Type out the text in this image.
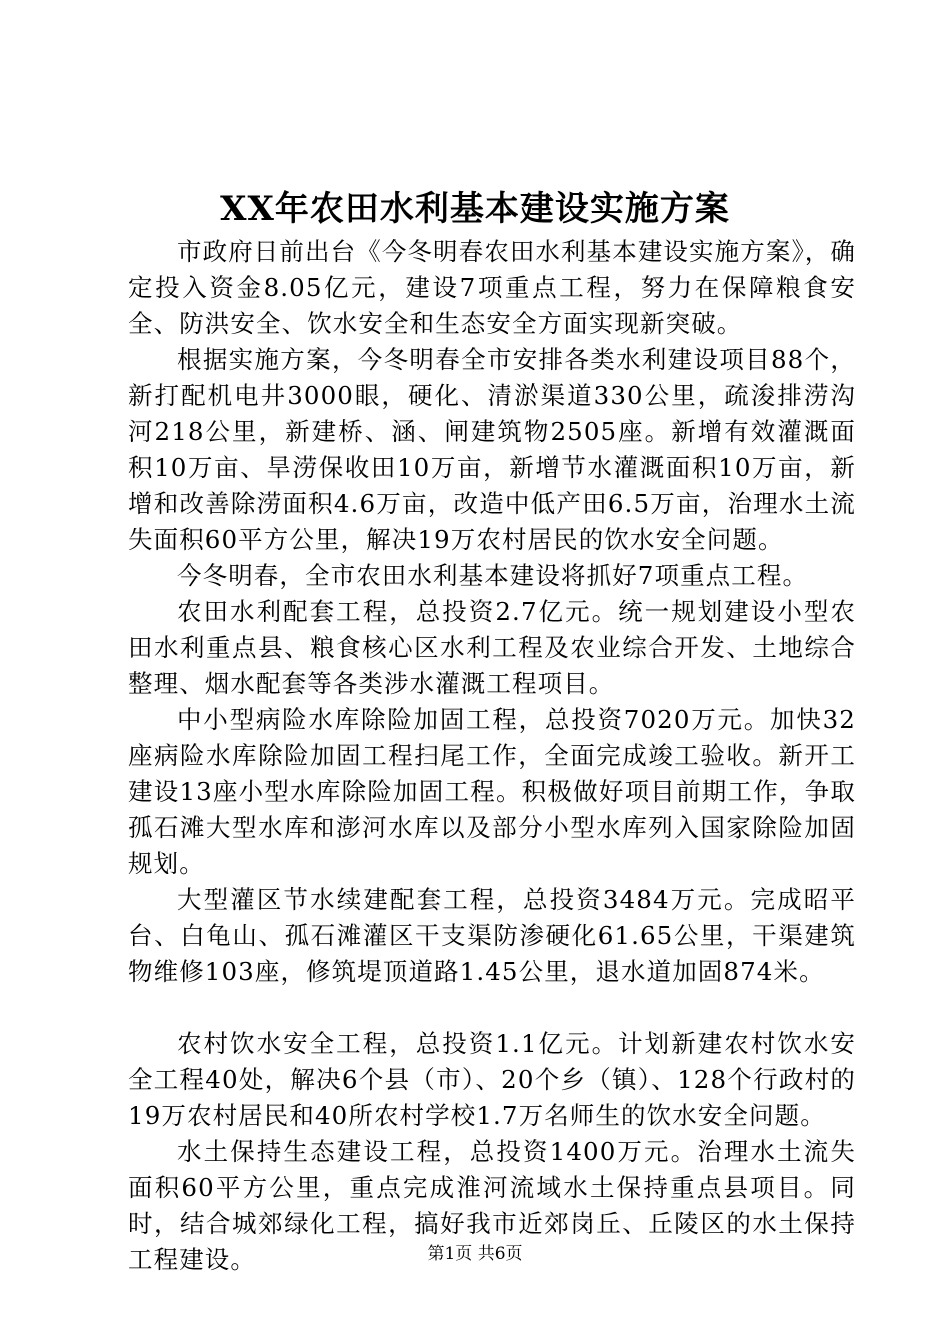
XX年农田水利基本建设实施方案

市政府日前出台《今冬明春农田水利基本建设实施方案》，确定投入资金8.05亿元，建设7项重点工程，努力在保障粮食安全、防洪安全、饮水安全和生态安全方面实现新突破。

根据实施方案，今冬明春全市安排各类水利建设项目88个，新打配机电井3000眼，硬化、清淤渠道330公里，疏浚排涝沟河218公里，新建桥、涵、闸建筑物2505座。新增有效灌溉面积10万亩、旱涝保收田10万亩，新增节水灌溉面积10万亩，新增和改善除涝面积4.6万亩，改造中低产田6.5万亩，治理水土流失面积60平方公里，解决19万农村居民的饮水安全问题。

今冬明春，全市农田水利基本建设将抓好7项重点工程。

农田水利配套工程，总投资2.7亿元。统一规划建设小型农田水利重点县、粮食核心区水利工程及农业综合开发、土地综合整理、烟水配套等各类涉水灌溉工程项目。

中小型病险水库除险加固工程，总投资7020万元。加快32座病险水库除险加固工程扫尾工作，全面完成竣工验收。新开工建设13座小型水库除险加固工程。积极做好项目前期工作，争取孤石滩大型水库和澎河水库以及部分小型水库列入国家除险加固规划。

大型灌区节水续建配套工程，总投资3484万元。完成昭平台、白龟山、孤石滩灌区干支渠防渗硬化61.65公里，干渠建筑物维修103座，修筑堤顶道路1.45公里，退水道加固874米。

农村饮水安全工程，总投资1.1亿元。计划新建农村饮水安全工程40处，解决6个县（市）、20个乡（镇）、128个行政村的19万农村居民和40所农村学校1.7万名师生的饮水安全问题。

水土保持生态建设工程，总投资1400万元。治理水土流失面积60平方公里，重点完成淮河流域水土保持重点县项目。同时，结合城郊绿化工程，搞好我市近郊岗丘、丘陵区的水土保持工程建设。	第1页 共6页
